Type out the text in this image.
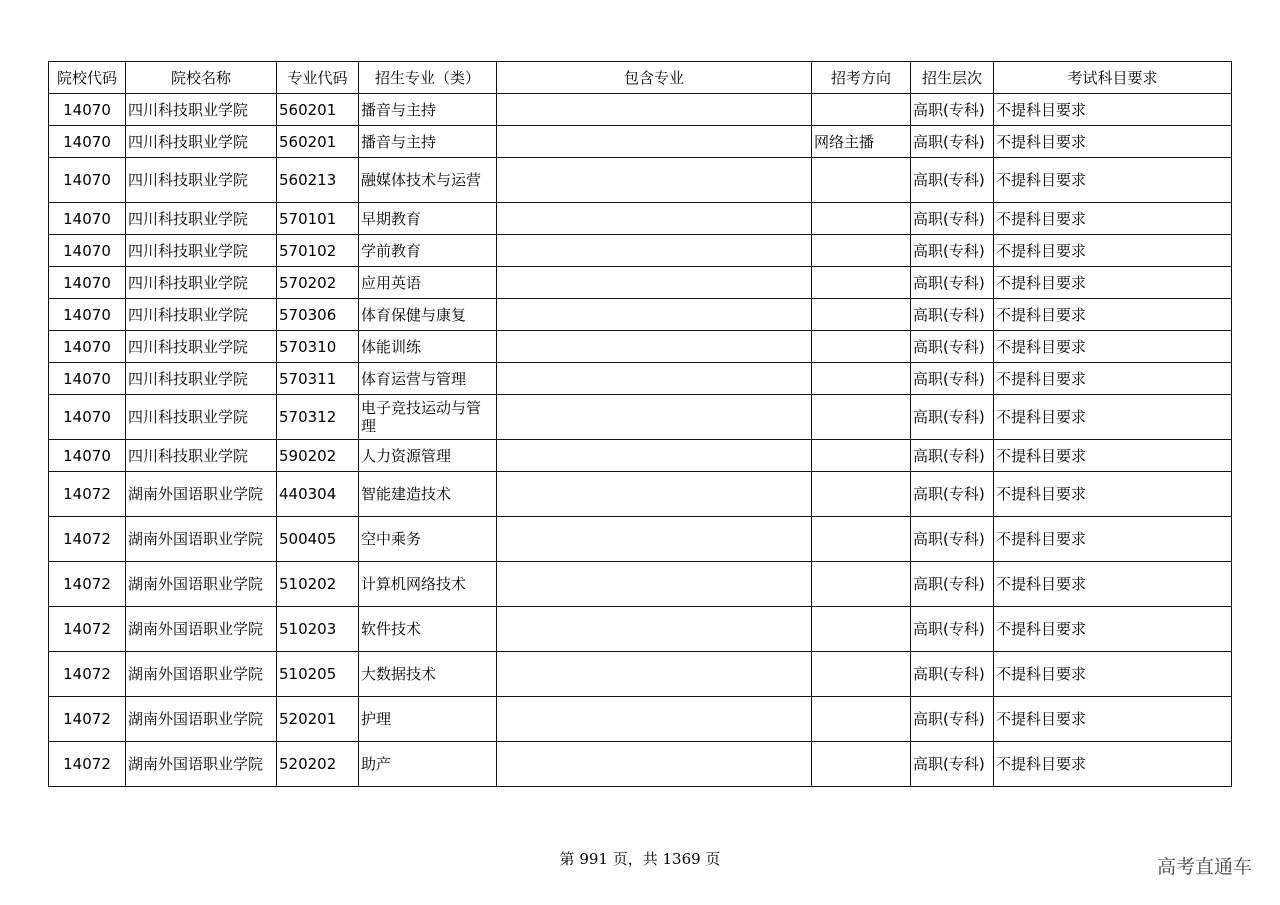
院校代码	院校名称	专业代码	招生专业（类）	包含专业	招考方向	招生层次	考试科目要求
14070	四川科技职业学院	560201	播音与主持			高职(专科)	不提科目要求
14070	四川科技职业学院	560201	播音与主持		网络主播	高职(专科)	不提科目要求
14070	四川科技职业学院	560213	融媒体技术与运营			高职(专科)	不提科目要求
14070	四川科技职业学院	570101	早期教育			高职(专科)	不提科目要求
14070	四川科技职业学院	570102	学前教育			高职(专科)	不提科目要求
14070	四川科技职业学院	570202	应用英语			高职(专科)	不提科目要求
14070	四川科技职业学院	570306	体育保健与康复			高职(专科)	不提科目要求
14070	四川科技职业学院	570310	体能训练			高职(专科)	不提科目要求
14070	四川科技职业学院	570311	体育运营与管理			高职(专科)	不提科目要求
14070	四川科技职业学院	570312	电子竞技运动与管理			高职(专科)	不提科目要求
14070	四川科技职业学院	590202	人力资源管理			高职(专科)	不提科目要求
14072	湖南外国语职业学院	440304	智能建造技术			高职(专科)	不提科目要求
14072	湖南外国语职业学院	500405	空中乘务			高职(专科)	不提科目要求
14072	湖南外国语职业学院	510202	计算机网络技术			高职(专科)	不提科目要求
14072	湖南外国语职业学院	510203	软件技术			高职(专科)	不提科目要求
14072	湖南外国语职业学院	510205	大数据技术			高职(专科)	不提科目要求
14072	湖南外国语职业学院	520201	护理			高职(专科)	不提科目要求
14072	湖南外国语职业学院	520202	助产			高职(专科)	不提科目要求
第 991 页，共 1369 页	高考直通车
